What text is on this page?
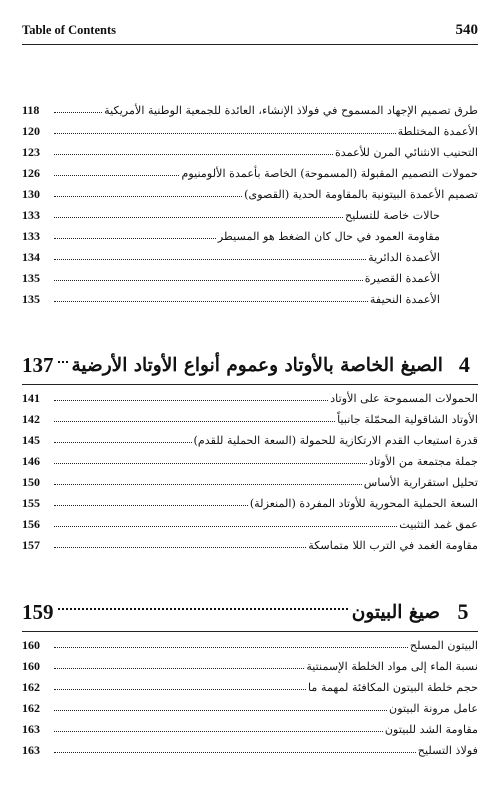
Table of Contents	540
طرق تصميم الإجهاد المسموح في فولاذ الإنشاء، العائدة للجمعية الوطنية الأمريكية
118
الأعمدة المختلطة
120
التحنيب الانثنائي المرن للأعمدة
123
حمولات التصميم المقبولة (المسموحة) الخاصة بأعمدة الألومنيوم
126
تصميم الأعمدة البيتونية بالمقاومة الحدية (القصوى)
130
حالات خاصة للتسليح
133
مقاومة العمود في حال كان الضغط هو المسيطر
133
الأعمدة الدائرية
134
الأعمدة القصيرة
135
الأعمدة النحيفة
135
4
الصيغ الخاصة بالأوتاد وعموم أنواع الأوتاد الأرضية
137
الحمولات المسموحة على الأوتاد
141
الأوتاد الشاقولية المحمّلة جانبياً
142
قدرة استيعاب القدم الارتكازية للحمولة (السعة الحملية للقدم)
145
جملة مجتمعة من الأوتاد
146
تحليل استقرارية الأساس
150
السعة الحملية المحورية للأوتاد المفردة (المنعزلة)
155
عمق غمد التثبيت
156
مقاومة الغمد في الترب اللا متماسكة
157
5
صيغ البيتون
159
البيتون المسلح
160
نسبة الماء إلى مواد الخلطة الإسمنتية
160
حجم خلطة البيتون المكافئة لمهمة ما
162
عامل مرونة البيتون
162
مقاومة الشد للبيتون
163
فولاذ التسليح
163
